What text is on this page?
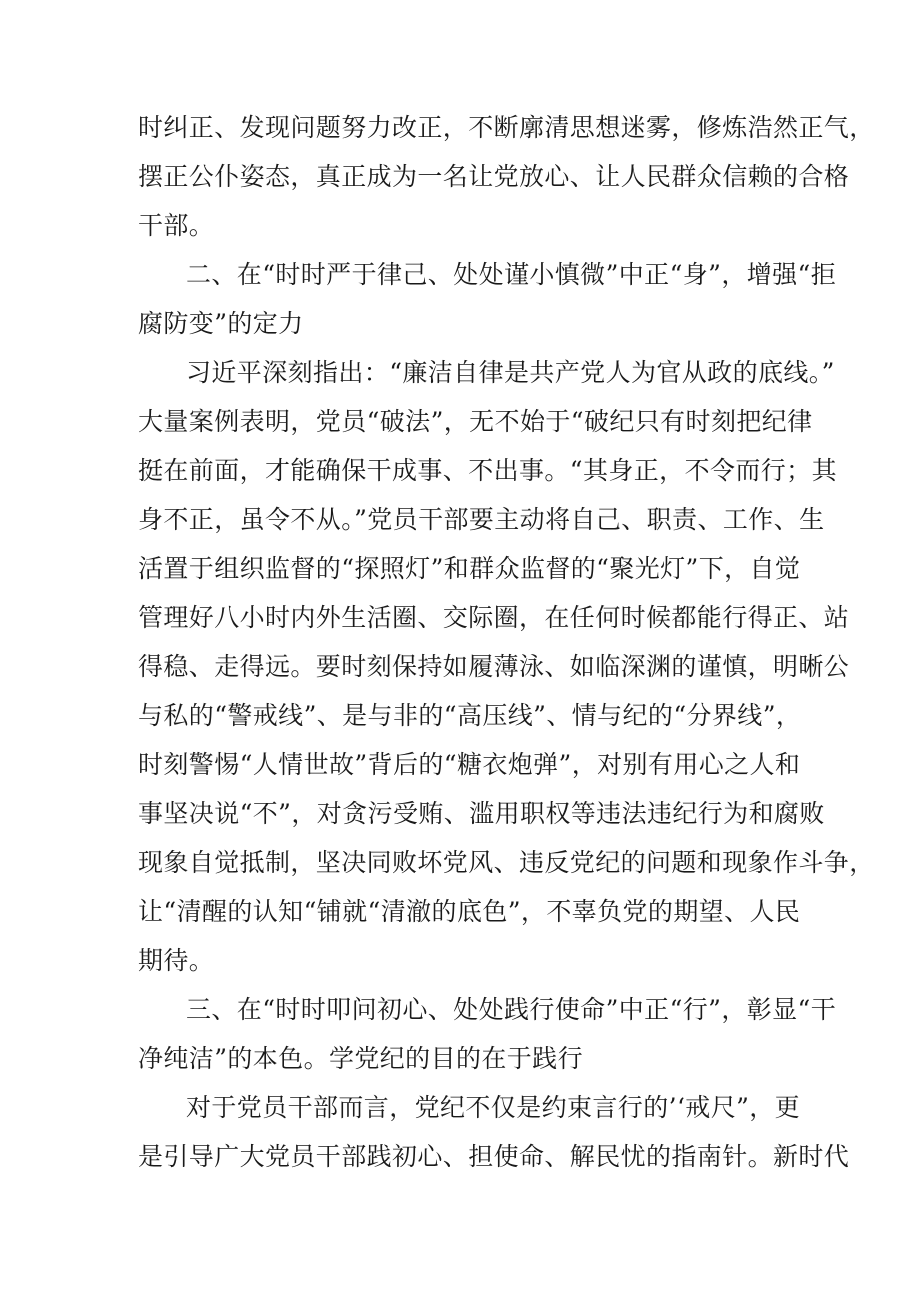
时纠正、发现问题努力改正，不断廓清思想迷雾，修炼浩然正气，
摆正公仆姿态，真正成为一名让党放心、让人民群众信赖的合格
干部。
二、在“时时严于律己、处处谨小慎微”中正“身”，增强“拒
腐防变”的定力
习近平深刻指出：“廉洁自律是共产党人为官从政的底线。”
大量案例表明，党员“破法”，无不始于“破纪只有时刻把纪律
挺在前面，才能确保干成事、不出事。“其身正，不令而行；其
身不正，虽令不从。”党员干部要主动将自己、职责、工作、生
活置于组织监督的“探照灯”和群众监督的“聚光灯”下，自觉
管理好八小时内外生活圈、交际圈，在任何时候都能行得正、站
得稳、走得远。要时刻保持如履薄泳、如临深渊的谨慎，明晰公
与私的“警戒线”、是与非的“高压线”、情与纪的“分界线”，
时刻警惕“人情世故”背后的“糖衣炮弹”，对别有用心之人和
事坚决说“不”，对贪污受贿、滥用职权等违法违纪行为和腐败
现象自觉抵制，坚决同败坏党风、违反党纪的问题和现象作斗争，
让“清醒的认知“铺就“清澈的底色”，不辜负党的期望、人民
期待。
三、在“时时叩问初心、处处践行使命”中正“行”，彰显“干
净纯洁”的本色。学党纪的目的在于践行
对于党员干部而言，党纪不仅是约束言行的’‘戒尺”，更
是引导广大党员干部践初心、担使命、解民忧的指南针。新时代
